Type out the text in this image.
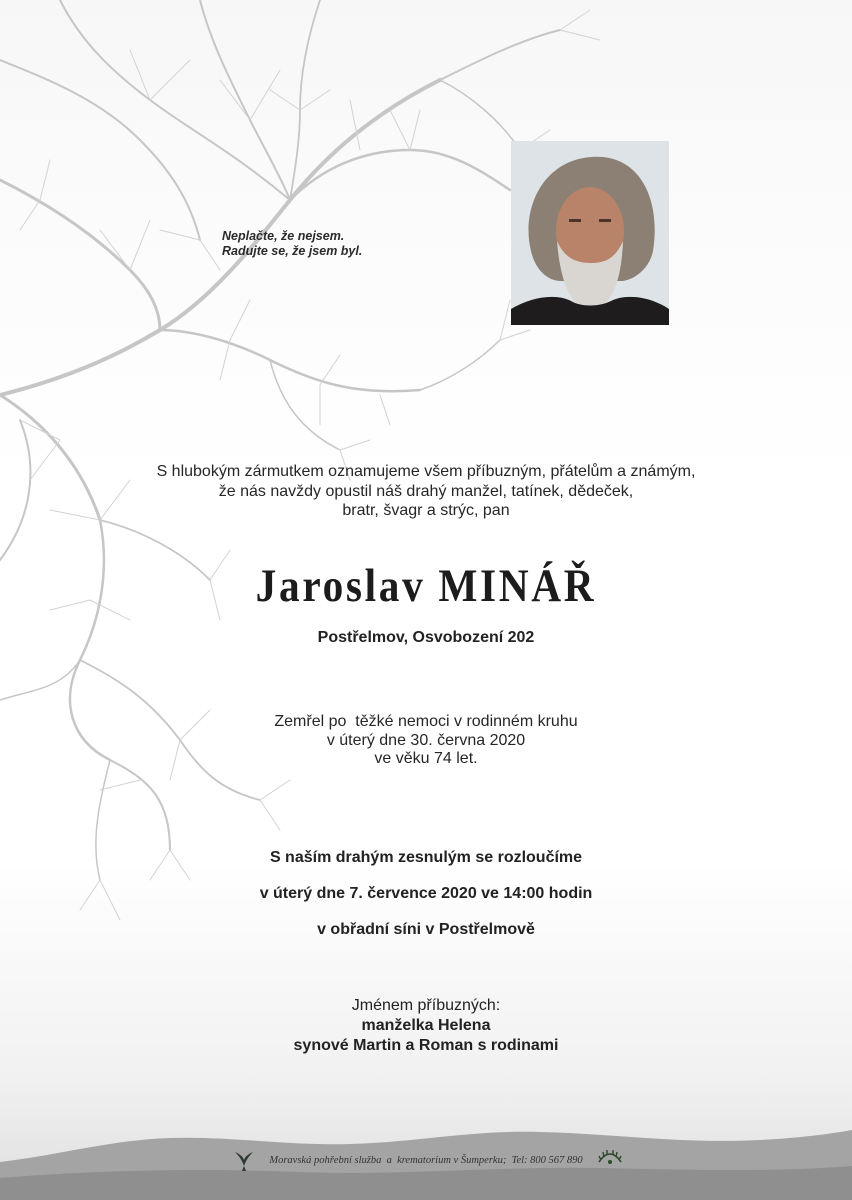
Neplačte, že nejsem.
Radujte se, že jsem byl.
S hlubokým zármutkem oznamujeme všem příbuzným, přátelům a známým,
že nás navždy opustil náš drahý manžel, tatínek, dědeček,
bratr, švagr a strýc, pan
Jaroslav MINÁŘ
Postřelmov, Osvobození 202
Zemřel po  těžké nemoci v rodinném kruhu
v úterý dne 30. června 2020
ve věku 74 let.
S naším drahým zesnulým se rozloučíme
v úterý dne 7. července 2020 ve 14:00 hodin
v obřadní síni v Postřelmově
Jménem příbuzných:
manželka Helena
synové Martin a Roman s rodinami
Moravská pohřební služba  a  krematorium v Šumperku;  Tel: 800 567 890
